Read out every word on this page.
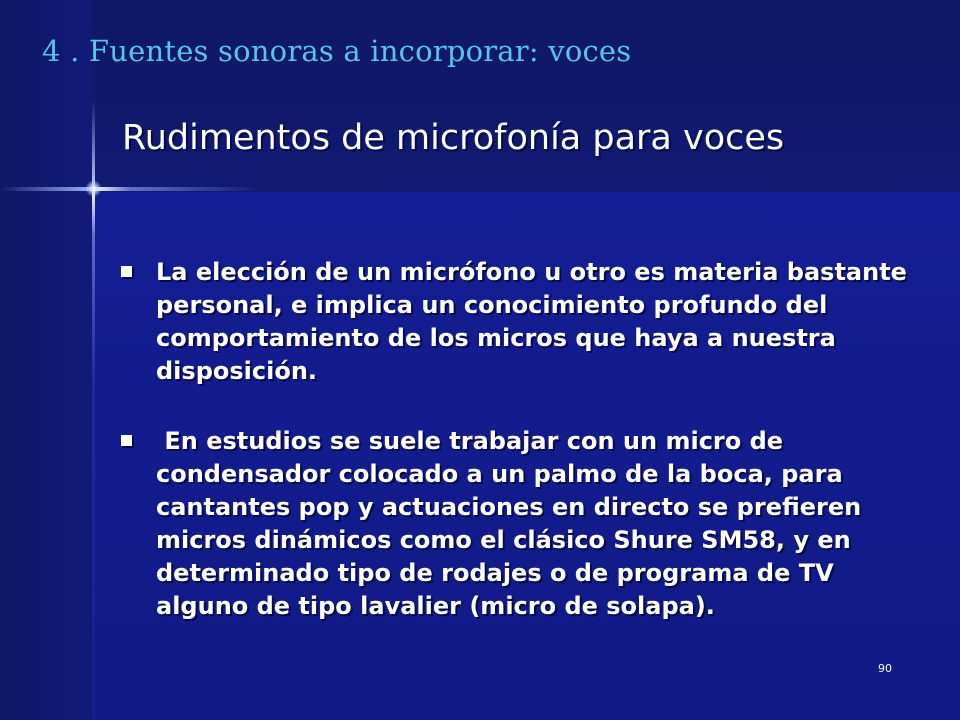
4 . Fuentes sonoras a incorporar: voces
Rudimentos de microfonía para voces
La elección de un micrófono u otro es materia bastante personal, e implica un conocimiento profundo del comportamiento de los micros que haya a nuestra disposición.
En estudios se suele trabajar con un micro de condensador colocado a un palmo de la boca, para cantantes pop y actuaciones en directo se prefieren micros dinámicos como el clásico Shure SM58, y en determinado tipo de rodajes o de programa de TV alguno de tipo lavalier (micro de solapa).
90
